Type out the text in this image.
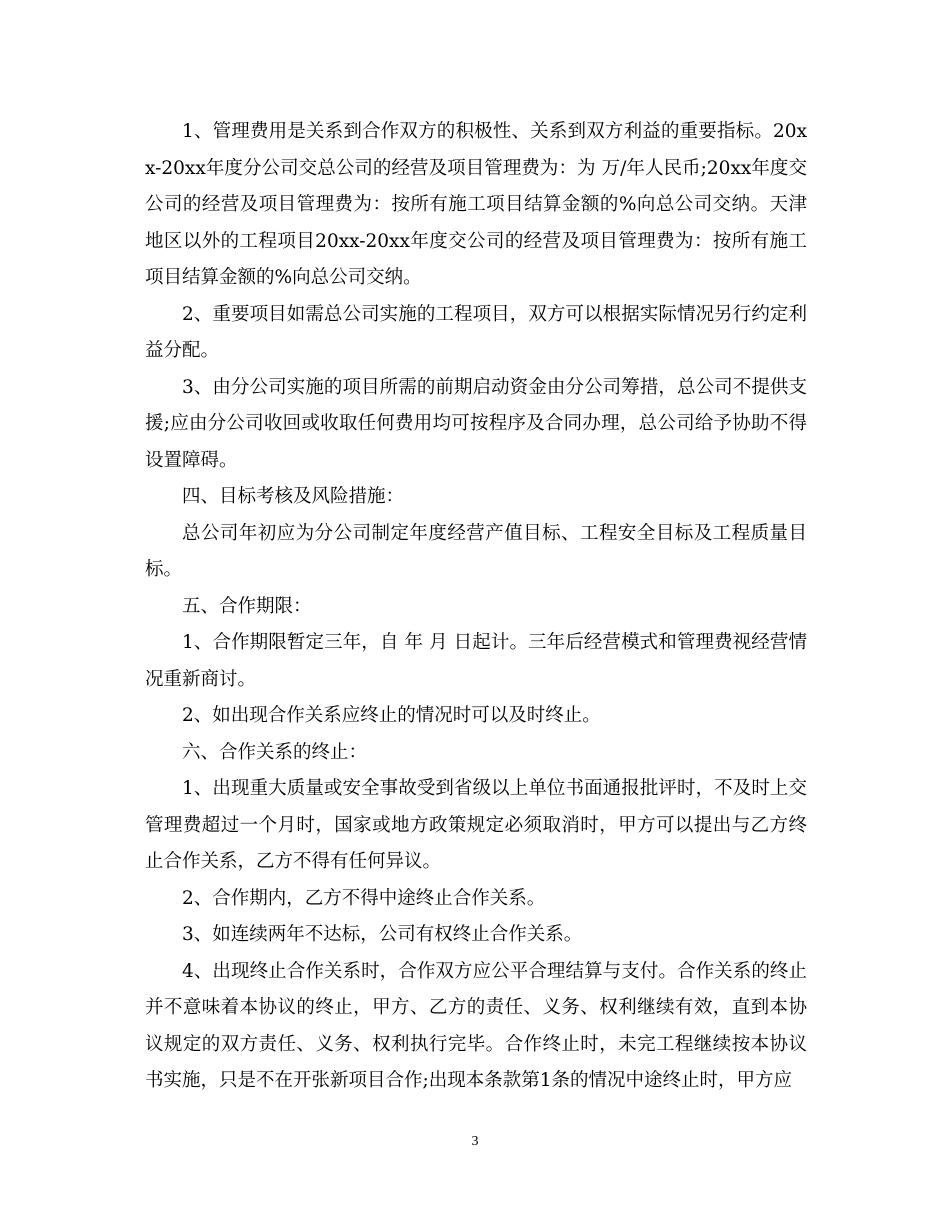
1、管理费用是关系到合作双方的积极性、关系到双方利益的重要指标。20xx-20xx年度分公司交总公司的经营及项目管理费为：为 万/年人民币;20xx年度交公司的经营及项目管理费为：按所有施工项目结算金额的%向总公司交纳。天津地区以外的工程项目20xx-20xx年度交公司的经营及项目管理费为：按所有施工项目结算金额的%向总公司交纳。

2、重要项目如需总公司实施的工程项目，双方可以根据实际情况另行约定利益分配。

3、由分公司实施的项目所需的前期启动资金由分公司筹措，总公司不提供支援;应由分公司收回或收取任何费用均可按程序及合同办理，总公司给予协助不得设置障碍。

四、目标考核及风险措施：

总公司年初应为分公司制定年度经营产值目标、工程安全目标及工程质量目标。

五、合作期限：

1、合作期限暂定三年，自 年 月 日起计。三年后经营模式和管理费视经营情况重新商讨。

2、如出现合作关系应终止的情况时可以及时终止。

六、合作关系的终止：

1、出现重大质量或安全事故受到省级以上单位书面通报批评时，不及时上交管理费超过一个月时，国家或地方政策规定必须取消时，甲方可以提出与乙方终止合作关系，乙方不得有任何异议。

2、合作期内，乙方不得中途终止合作关系。

3、如连续两年不达标，公司有权终止合作关系。

4、出现终止合作关系时，合作双方应公平合理结算与支付。合作关系的终止并不意味着本协议的终止，甲方、乙方的责任、义务、权利继续有效，直到本协议规定的双方责任、义务、权利执行完毕。合作终止时，未完工程继续按本协议书实施，只是不在开张新项目合作;出现本条款第1条的情况中途终止时，甲方应

3
